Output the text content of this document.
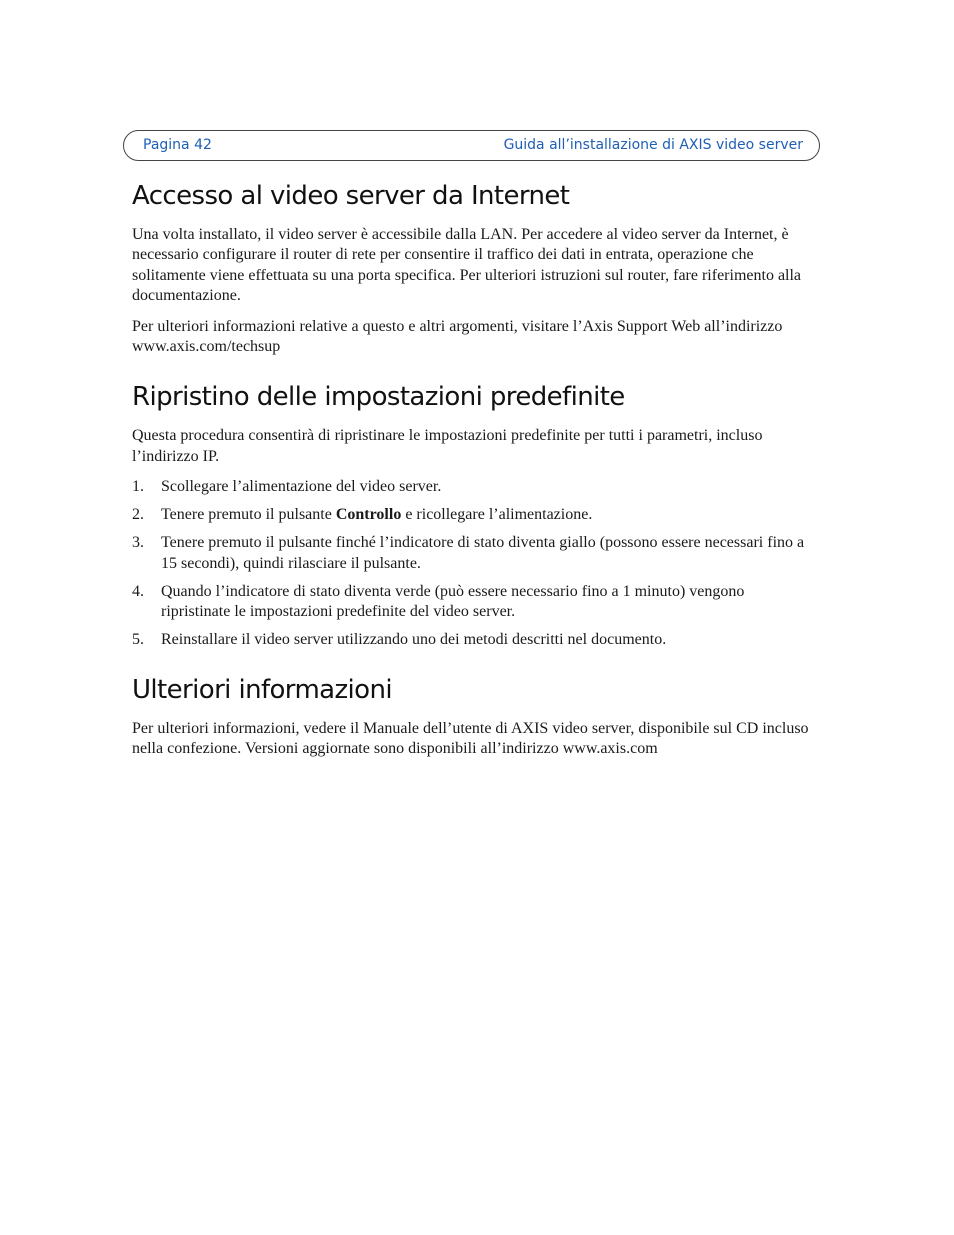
Pagina 42	Guida all’installazione di AXIS video server
Accesso al video server da Internet

Una volta installato, il video server è accessibile dalla LAN. Per accedere al video server da Internet, è necessario configurare il router di rete per consentire il traffico dei dati in entrata, operazione che solitamente viene effettuata su una porta specifica. Per ulteriori istruzioni sul router, fare riferimento alla documentazione.

Per ulteriori informazioni relative a questo e altri argomenti, visitare l’Axis Support Web all’indirizzo www.axis.com/techsup

Ripristino delle impostazioni predefinite

Questa procedura consentirà di ripristinare le impostazioni predefinite per tutti i parametri, incluso l’indirizzo IP.

1. Scollegare l’alimentazione del video server.
2. Tenere premuto il pulsante Controllo e ricollegare l’alimentazione.
3. Tenere premuto il pulsante finché l’indicatore di stato diventa giallo (possono essere necessari fino a 15 secondi), quindi rilasciare il pulsante.
4. Quando l’indicatore di stato diventa verde (può essere necessario fino a 1 minuto) vengono ripristinate le impostazioni predefinite del video server.
5. Reinstallare il video server utilizzando uno dei metodi descritti nel documento.
Ulteriori informazioni

Per ulteriori informazioni, vedere il Manuale dell’utente di AXIS video server, disponibile sul CD incluso nella confezione. Versioni aggiornate sono disponibili all’indirizzo www.axis.com
